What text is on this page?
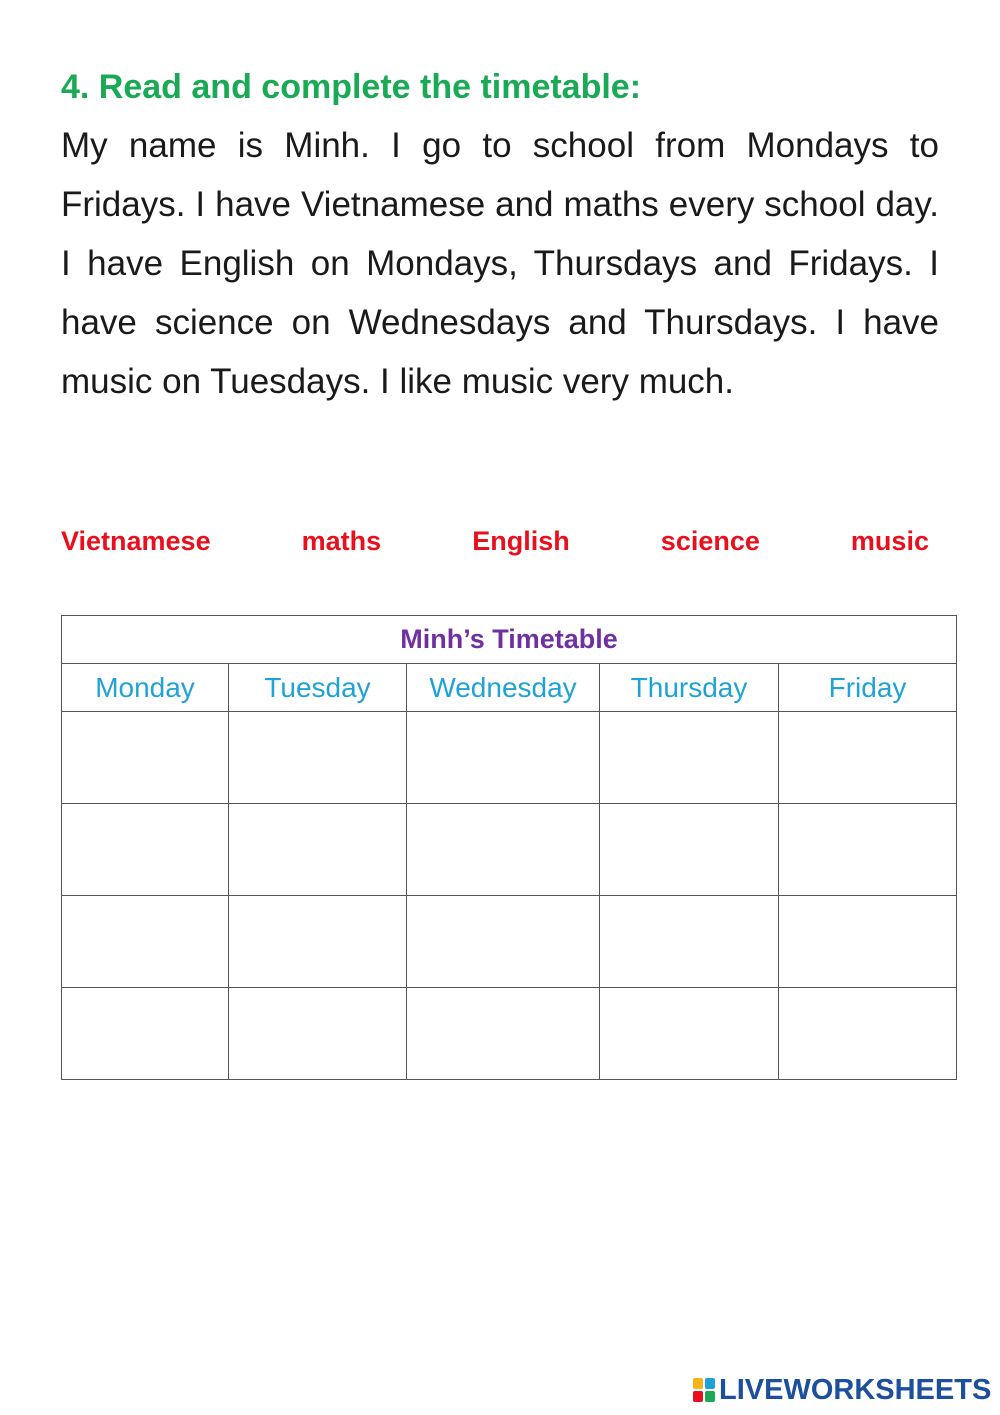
4. Read and complete the timetable:

My name is Minh. I go to school from Mondays to Fridays. I have Vietnamese and maths every school day. I have English on Mondays, Thursdays and Fridays. I have science on Wednesdays and Thursdays. I have music on Tuesdays. I like music very much.

Vietnamese	maths	English	science	music
Minh’s Timetable				
Monday	Tuesday	Wednesday	Thursday	Friday

LIVEWORKSHEETS
